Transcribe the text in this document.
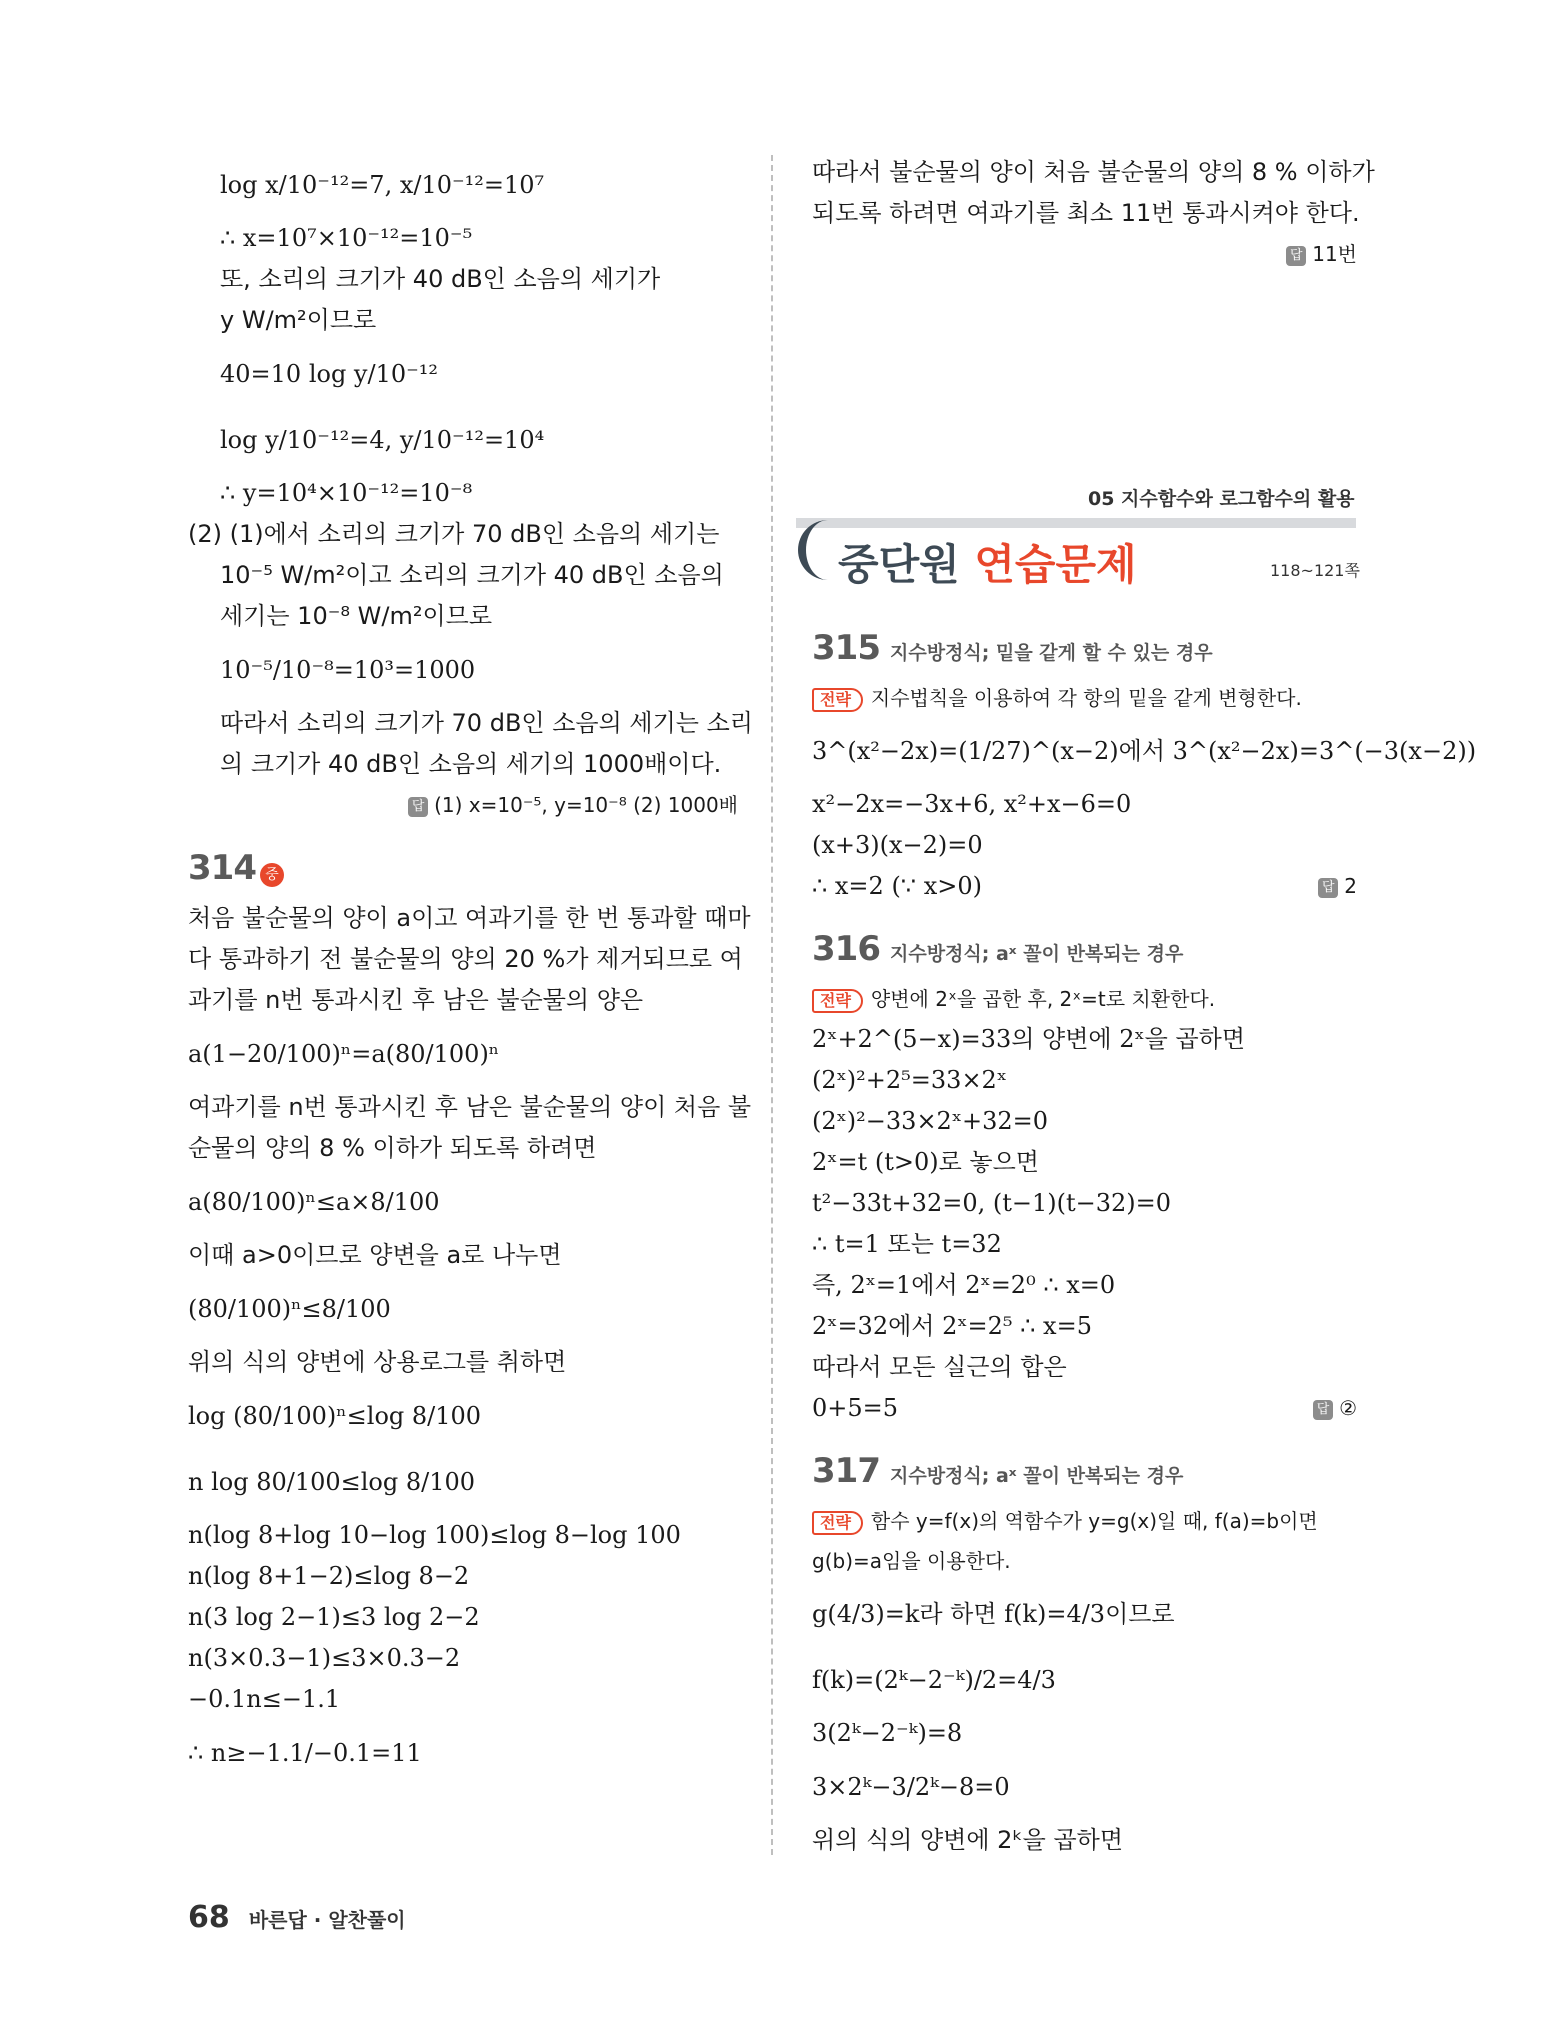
log x/10⁻¹²=7, x/10⁻¹²=10⁷
∴ x=10⁷×10⁻¹²=10⁻⁵
또, 소리의 크기가 40 dB인 소음의 세기가
y W/m²이므로
40=10 log y/10⁻¹²
log y/10⁻¹²=4, y/10⁻¹²=10⁴
∴ y=10⁴×10⁻¹²=10⁻⁸
(2) (1)에서 소리의 크기가 70 dB인 소음의 세기는
10⁻⁵ W/m²이고 소리의 크기가 40 dB인 소음의
세기는 10⁻⁸ W/m²이므로
10⁻⁵/10⁻⁸=10³=1000
따라서 소리의 크기가 70 dB인 소음의 세기는 소리
의 크기가 40 dB인 소음의 세기의 1000배이다.
답 (1) x=10⁻⁵, y=10⁻⁸ (2) 1000배
314 중
처음 불순물의 양이 a이고 여과기를 한 번 통과할 때마
다 통과하기 전 불순물의 양의 20 %가 제거되므로 여
과기를 n번 통과시킨 후 남은 불순물의 양은
a(1−20/100)ⁿ=a(80/100)ⁿ
여과기를 n번 통과시킨 후 남은 불순물의 양이 처음 불
순물의 양의 8 % 이하가 되도록 하려면
a(80/100)ⁿ≤a×8/100
이때 a>0이므로 양변을 a로 나누면
(80/100)ⁿ≤8/100
위의 식의 양변에 상용로그를 취하면
log (80/100)ⁿ≤log 8/100
n log 80/100≤log 8/100
n(log 8+log 10−log 100)≤log 8−log 100
n(log 8+1−2)≤log 8−2
n(3 log 2−1)≤3 log 2−2
n(3×0.3−1)≤3×0.3−2
−0.1n≤−1.1
∴ n≥−1.1/−0.1=11
따라서 불순물의 양이 처음 불순물의 양의 8 % 이하가
되도록 하려면 여과기를 최소 11번 통과시켜야 한다.
답 11번
05 지수함수와 로그함수의 활용
중단원 연습문제	118~121쪽
315 지수방정식; 밑을 같게 할 수 있는 경우
전략 지수법칙을 이용하여 각 항의 밑을 같게 변형한다.
3^(x²−2x)=(1/27)^(x−2)에서 3^(x²−2x)=3^(−3(x−2))
x²−2x=−3x+6, x²+x−6=0
(x+3)(x−2)=0
∴ x=2 (∵ x>0)	답 2
316 지수방정식; aˣ 꼴이 반복되는 경우
전략 양변에 2ˣ을 곱한 후, 2ˣ=t로 치환한다.
2ˣ+2^(5−x)=33의 양변에 2ˣ을 곱하면
(2ˣ)²+2⁵=33×2ˣ
(2ˣ)²−33×2ˣ+32=0
2ˣ=t (t>0)로 놓으면
t²−33t+32=0, (t−1)(t−32)=0
∴ t=1 또는 t=32
즉, 2ˣ=1에서 2ˣ=2⁰ ∴ x=0
2ˣ=32에서 2ˣ=2⁵ ∴ x=5
따라서 모든 실근의 합은
0+5=5	답 ②
317 지수방정식; aˣ 꼴이 반복되는 경우
전략 함수 y=f(x)의 역함수가 y=g(x)일 때, f(a)=b이면
g(b)=a임을 이용한다.
g(4/3)=k라 하면 f(k)=4/3이므로
f(k)=(2ᵏ−2⁻ᵏ)/2=4/3
3(2ᵏ−2⁻ᵏ)=8
3×2ᵏ−3/2ᵏ−8=0
위의 식의 양변에 2ᵏ을 곱하면
68 바른답 · 알찬풀이
